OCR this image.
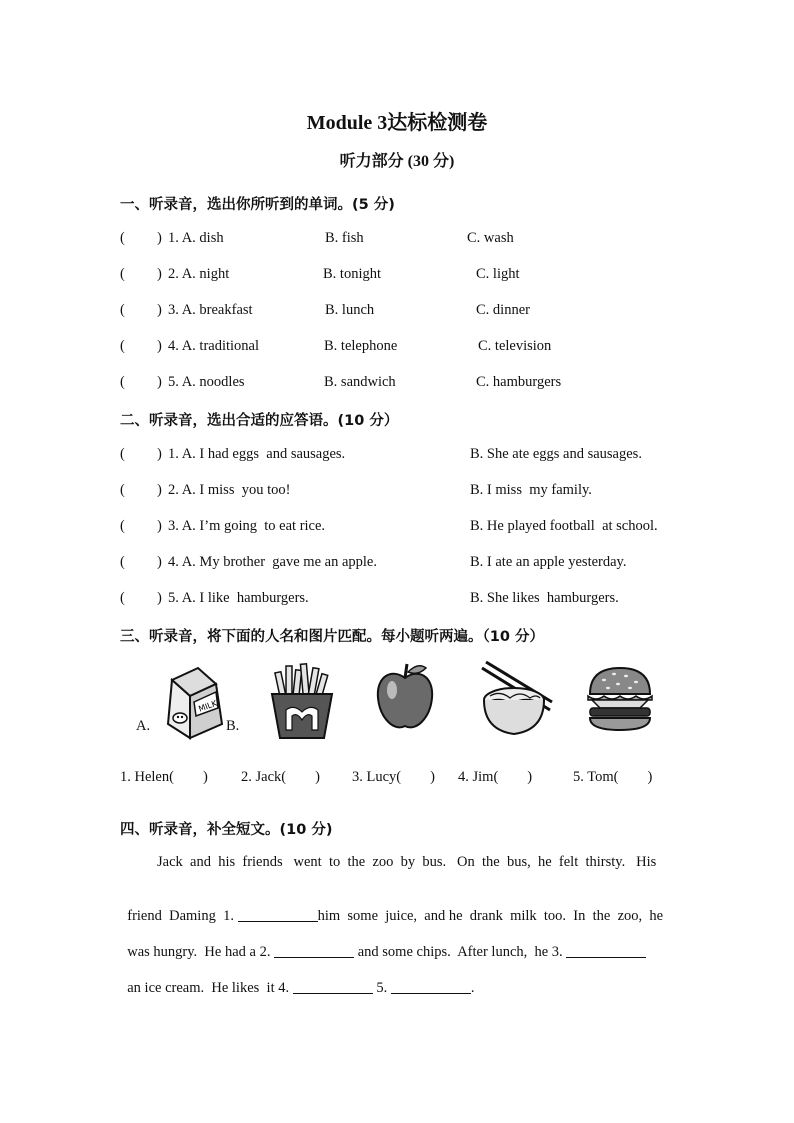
Module 3达标检测卷
听力部分 (30 分)
一、听录音，选出你所听到的单词。(5 分)
( ) 1. A. dish	B. fish	C. wash
( ) 2. A. night	B. tonight	C. light
( ) 3. A. breakfast	B. lunch	C. dinner
( ) 4. A. traditional	B. telephone	C. television
( ) 5. A. noodles	B. sandwich	C. hamburgers
二、听录音，选出合适的应答语。(10 分）
( ) 1. A. I had eggs  and sausages.	B. She ate eggs and sausages.
( ) 2. A. I miss  you too!	B. I miss  my family.
( ) 3. A. I’m going  to eat rice.	B. He played football  at school.
( ) 4. A. My brother  gave me an apple.	B. I ate an apple yesterday.
( ) 5. A. I like  hamburgers.	B. She likes  hamburgers.
三、听录音，将下面的人名和图片匹配。每小题听两遍。（10 分）
A.	B.
MILK
1. Helen(        ) 2. Jack(        ) 3. Lucy(        ) 4. Jim(        )	5. Tom(        )
四、听录音，补全短文。(10 分)
Jack  and  his  friends   went  to  the  zoo  by  bus.   On  the  bus,  he  felt  thirsty.   His

friend  Daming  1.	him  some  juice,  and he  drank  milk  too.  In  the  zoo,  he

was hungry.  He had a 2.	and some chips.  After lunch,  he 3.

an ice cream.  He likes  it 4.	5.	.
